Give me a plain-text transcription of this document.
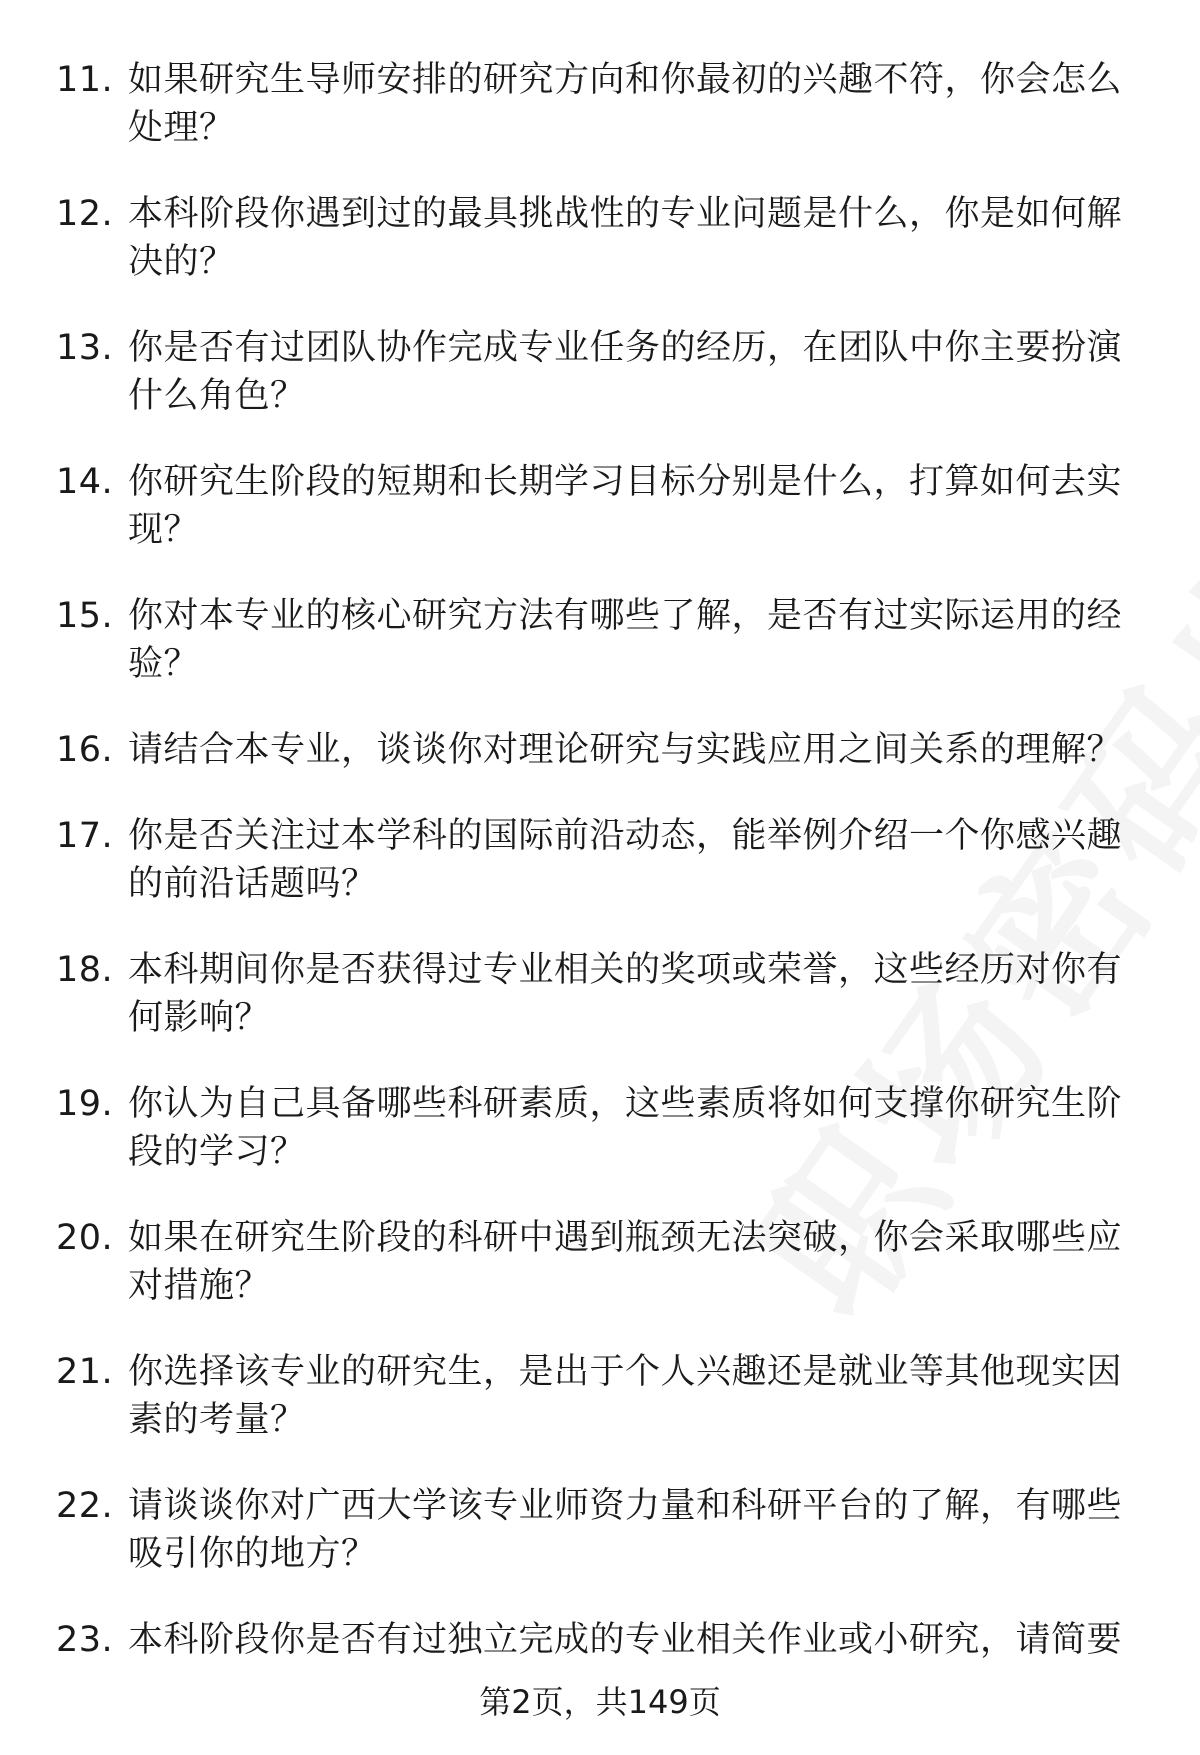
11. 如果研究生导师安排的研究方向和你最初的兴趣不符，你会怎么处理？
12. 本科阶段你遇到过的最具挑战性的专业问题是什么，你是如何解决的？
13. 你是否有过团队协作完成专业任务的经历，在团队中你主要扮演什么角色？
14. 你研究生阶段的短期和长期学习目标分别是什么，打算如何去实现？
15. 你对本专业的核心研究方法有哪些了解，是否有过实际运用的经验？
16. 请结合本专业，谈谈你对理论研究与实践应用之间关系的理解？
17. 你是否关注过本学科的国际前沿动态，能举例介绍一个你感兴趣的前沿话题吗？
18. 本科期间你是否获得过专业相关的奖项或荣誉，这些经历对你有何影响？
19. 你认为自己具备哪些科研素质，这些素质将如何支撑你研究生阶段的学习？
20. 如果在研究生阶段的科研中遇到瓶颈无法突破，你会采取哪些应对措施？
21. 你选择该专业的研究生，是出于个人兴趣还是就业等其他现实因素的考量？
22. 请谈谈你对广西大学该专业师资力量和科研平台的了解，有哪些吸引你的地方？
23. 本科阶段你是否有过独立完成的专业相关作业或小研究，请简要
第2页，共149页
